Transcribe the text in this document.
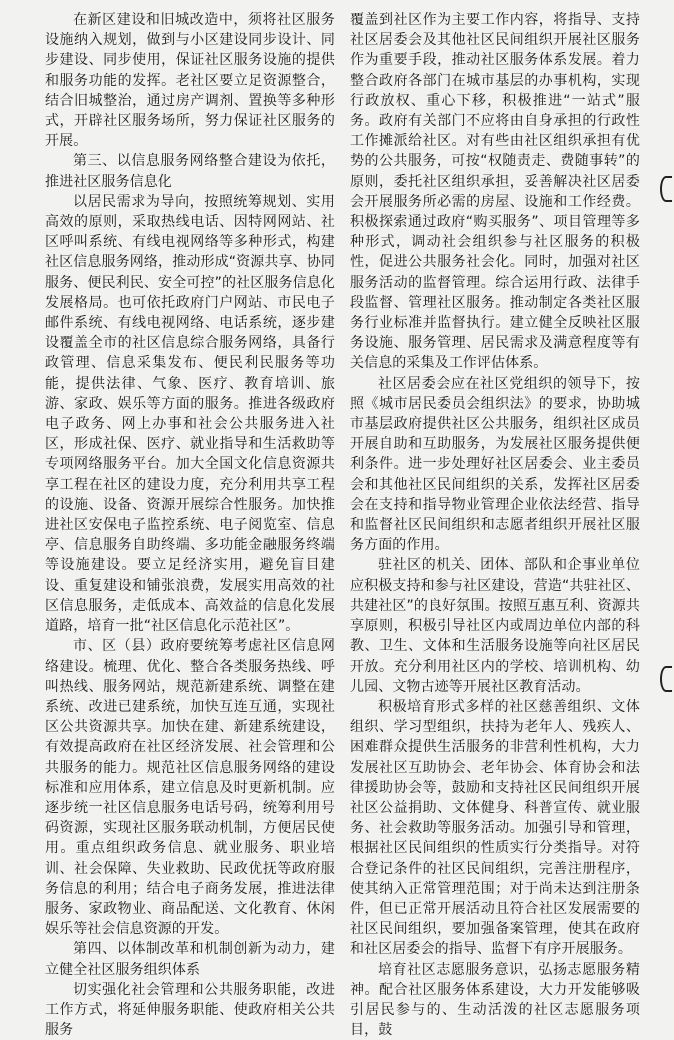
在新区建设和旧城改造中，须将社区服务设施纳入规划，做到与小区建设同步设计、同步建设、同步使用，保证社区服务设施的提供和服务功能的发挥。老社区要立足资源整合，结合旧城整治，通过房产调剂、置换等多种形式，开辟社区服务场所，努力保证社区服务的开展。

第三、以信息服务网络整合建设为依托，推进社区服务信息化

以居民需求为导向，按照统筹规划、实用高效的原则，采取热线电话、因特网网站、社区呼叫系统、有线电视网络等多种形式，构建社区信息服务网络，推动形成“资源共享、协同服务、便民利民、安全可控”的社区服务信息化发展格局。也可依托政府门户网站、市民电子邮件系统、有线电视网络、电话系统，逐步建设覆盖全市的社区信息综合服务网络，具备行政管理、信息采集发布、便民利民服务等功能，提供法律、气象、医疗、教育培训、旅游、家政、娱乐等方面的服务。推进各级政府电子政务、网上办事和社会公共服务进入社区，形成社保、医疗、就业指导和生活救助等专项网络服务平台。加大全国文化信息资源共享工程在社区的建设力度，充分利用共享工程的设施、设备、资源开展综合性服务。加快推进社区安保电子监控系统、电子阅览室、信息亭、信息服务自助终端、多功能金融服务终端等设施建设。要立足经济实用，避免盲目建设、重复建设和铺张浪费，发展实用高效的社区信息服务，走低成本、高效益的信息化发展道路，培育一批“社区信息化示范社区”。

市、区（县）政府要统筹考虑社区信息网络建设。梳理、优化、整合各类服务热线、呼叫热线、服务网站，规范新建系统、调整在建系统、改进已建系统，加快互连互通，实现社区公共资源共享。加快在建、新建系统建设，有效提高政府在社区经济发展、社会管理和公共服务的能力。规范社区信息服务网络的建设标准和应用体系，建立信息及时更新机制。应逐步统一社区信息服务电话号码，统筹利用号码资源，实现社区服务联动机制，方便居民使用。重点组织政务信息、就业服务、职业培训、社会保障、失业救助、民政优抚等政府服务信息的利用；结合电子商务发展，推进法律服务、家政物业、商品配送、文化教育、休闲娱乐等社会信息资源的开发。

第四、以体制改革和机制创新为动力，建立健全社区服务组织体系

切实强化社会管理和公共服务职能，改进工作方式，将延伸服务职能、使政府相关公共服务

覆盖到社区作为主要工作内容，将指导、支持社区居委会及其他社区民间组织开展社区服务作为重要手段，推动社区服务体系发展。着力整合政府各部门在城市基层的办事机构，实现行政放权、重心下移，积极推进“一站式”服务。政府有关部门不应将由自身承担的行政性工作摊派给社区。对有些由社区组织承担有优势的公共服务，可按“权随责走、费随事转”的原则，委托社区组织承担，妥善解决社区居委会开展服务所必需的房屋、设施和工作经费。积极探索通过政府“购买服务”、项目管理等多种形式，调动社会组织参与社区服务的积极性，促进公共服务社会化。同时，加强对社区服务活动的监督管理。综合运用行政、法律手段监督、管理社区服务。推动制定各类社区服务行业标准并监督执行。建立健全反映社区服务设施、服务管理、居民需求及满意程度等有关信息的采集及工作评估体系。

社区居委会应在社区党组织的领导下，按照《城市居民委员会组织法》的要求，协助城市基层政府提供社区公共服务，组织社区成员开展自助和互助服务，为发展社区服务提供便利条件。进一步处理好社区居委会、业主委员会和其他社区民间组织的关系，发挥社区居委会在支持和指导物业管理企业依法经营、指导和监督社区民间组织和志愿者组织开展社区服务方面的作用。

驻社区的机关、团体、部队和企事业单位应积极支持和参与社区建设，营造“共驻社区、共建社区”的良好氛围。按照互惠互利、资源共享原则，积极引导社区内或周边单位内部的科教、卫生、文体和生活服务设施等向社区居民开放。充分利用社区内的学校、培训机构、幼儿园、文物古迹等开展社区教育活动。

积极培育形式多样的社区慈善组织、文体组织、学习型组织，扶持为老年人、残疾人、困难群众提供生活服务的非营利性机构，大力发展社区互助协会、老年协会、体育协会和法律援助协会等，鼓励和支持社区民间组织开展社区公益捐助、文体健身、科普宣传、就业服务、社会救助等服务活动。加强引导和管理，根据社区民间组织的性质实行分类指导。对符合登记条件的社区民间组织，完善注册程序，使其纳入正常管理范围；对于尚未达到注册条件，但已正常开展活动且符合社区发展需要的社区民间组织，要加强备案管理，使其在政府和社区居委会的指导、监督下有序开展服务。

培育社区志愿服务意识，弘扬志愿服务精神。配合社区服务体系建设，大力开发能够吸引居民参与的、生动活泼的社区志愿服务项目，鼓
